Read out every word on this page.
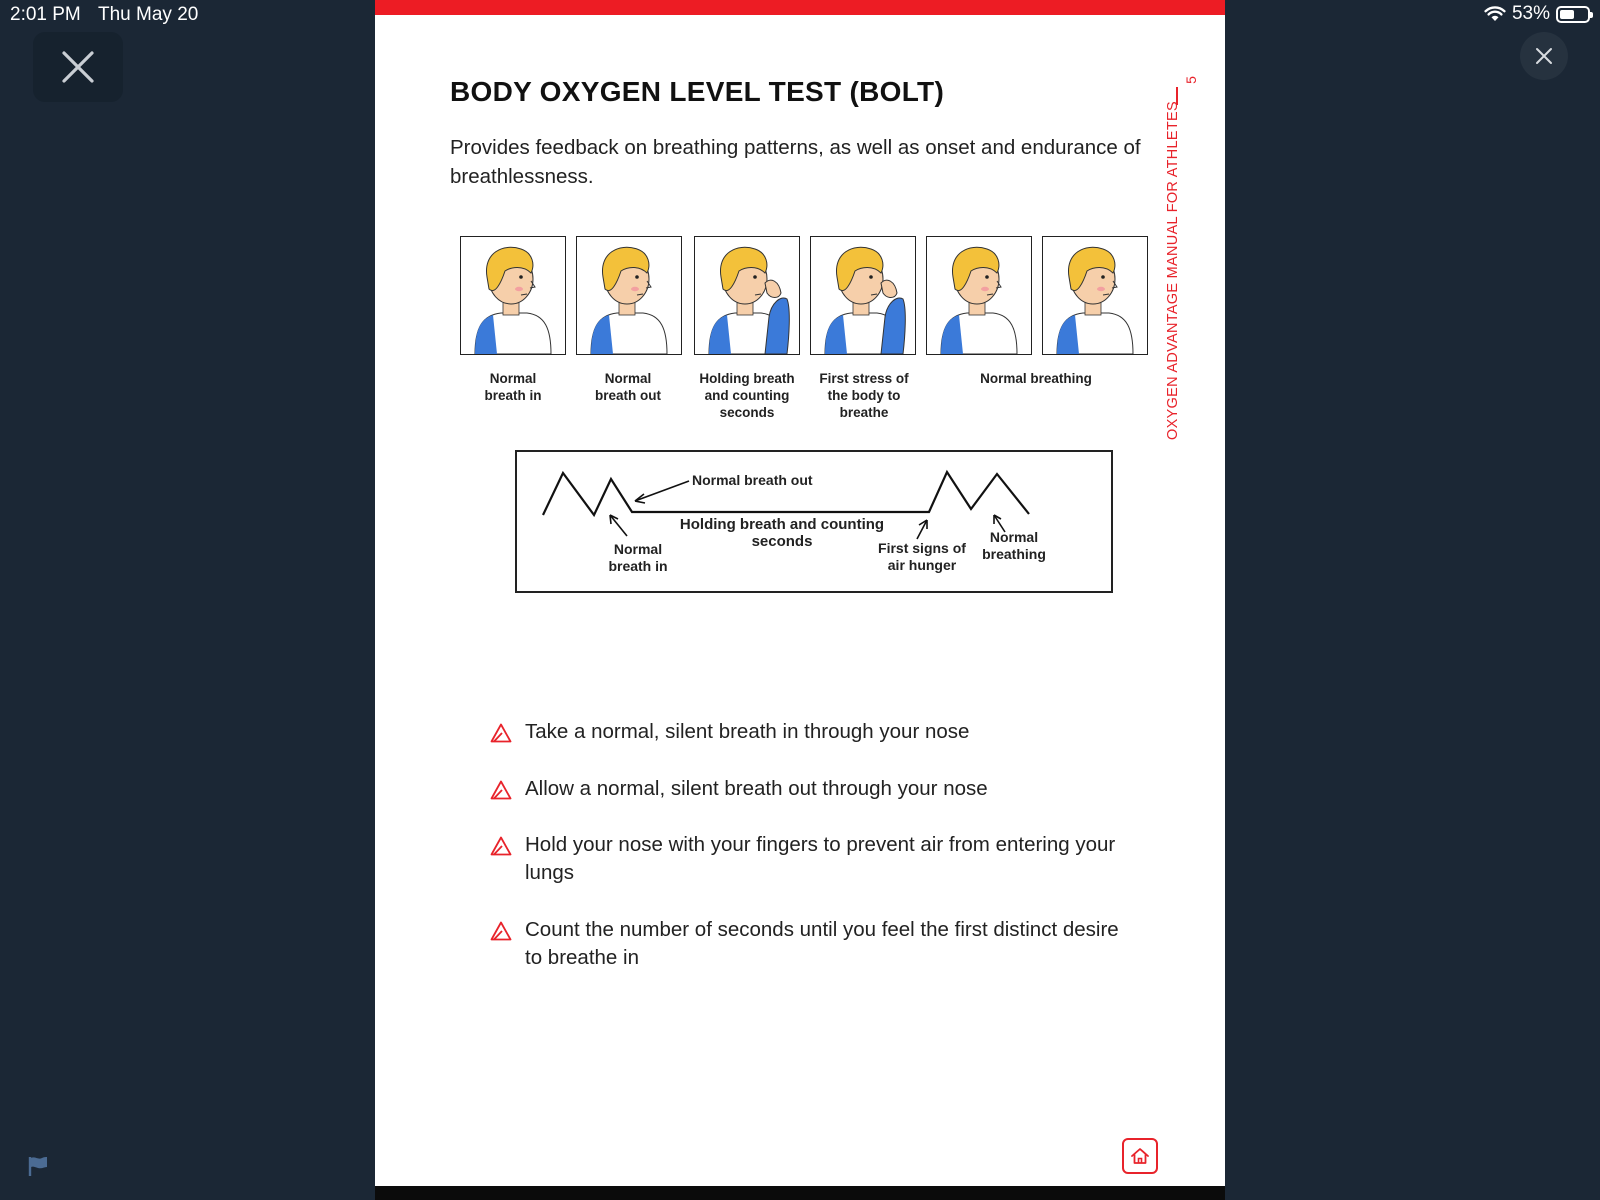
2:01 PM Thu May 20	53%
BODY OXYGEN LEVEL TEST (BOLT)
Provides feedback on breathing patterns, as well as onset and endurance of breathlessness.
5
OXYGEN ADVANTAGE MANUAL FOR ATHLETES
Normal
breath in
Normal
breath out
Holding breath
and counting
seconds
First stress of
the body to
breathe
Normal breathing
Normal breath out
Holding breath and counting
seconds
Normal
breath in
First signs of
air hunger
Normal
breathing
Take a normal, silent breath in through your nose
Allow a normal, silent breath out through your nose
Hold your nose with your fingers to prevent air from entering your lungs
Count the number of seconds until you feel the first distinct desire to breathe in
